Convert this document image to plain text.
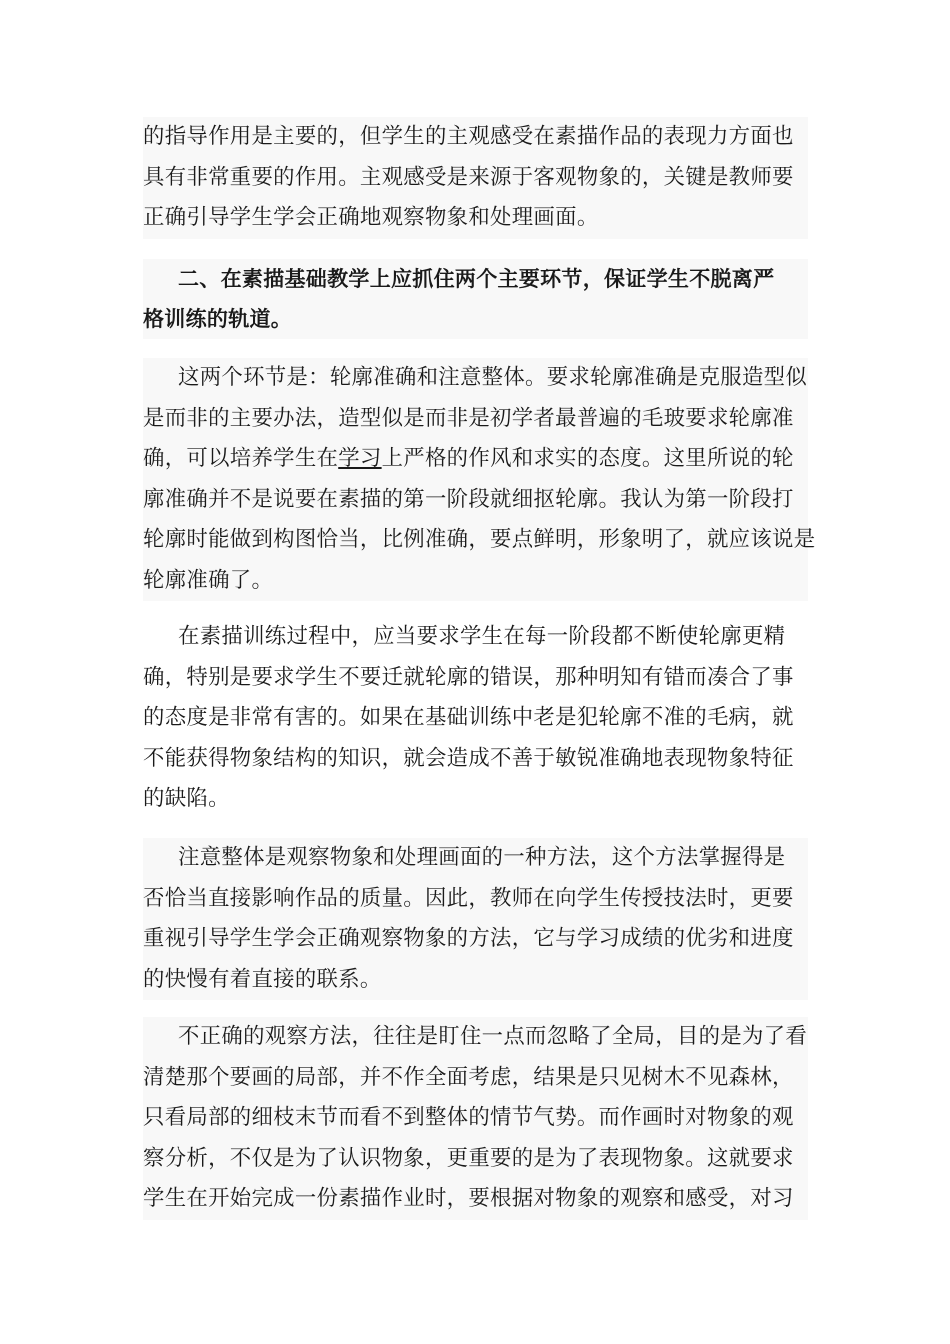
的指导作用是主要的，但学生的主观感受在素描作品的表现力方面也
具有非常重要的作用。主观感受是来源于客观物象的，关键是教师要
正确引导学生学会正确地观察物象和处理画面。

二、在素描基础教学上应抓住两个主要环节，保证学生不脱离严
格训练的轨道。

这两个环节是：轮廓准确和注意整体。要求轮廓准确是克服造型似
是而非的主要办法，造型似是而非是初学者最普遍的毛玻要求轮廓准
确，可以培养学生在学习上严格的作风和求实的态度。这里所说的轮
廓准确并不是说要在素描的第一阶段就细抠轮廓。我认为第一阶段打
轮廓时能做到构图恰当，比例准确，要点鲜明，形象明了，就应该说是
轮廓准确了。

在素描训练过程中，应当要求学生在每一阶段都不断使轮廓更精
确，特别是要求学生不要迁就轮廓的错误，那种明知有错而凑合了事
的态度是非常有害的。如果在基础训练中老是犯轮廓不准的毛病，就
不能获得物象结构的知识，就会造成不善于敏锐准确地表现物象特征
的缺陷。

注意整体是观察物象和处理画面的一种方法，这个方法掌握得是
否恰当直接影响作品的质量。因此，教师在向学生传授技法时，更要
重视引导学生学会正确观察物象的方法，它与学习成绩的优劣和进度
的快慢有着直接的联系。

不正确的观察方法，往往是盯住一点而忽略了全局，目的是为了看
清楚那个要画的局部，并不作全面考虑，结果是只见树木不见森林，
只看局部的细枝末节而看不到整体的情节气势。而作画时对物象的观
察分析，不仅是为了认识物象，更重要的是为了表现物象。这就要求
学生在开始完成一份素描作业时，要根据对物象的观察和感受，对习
